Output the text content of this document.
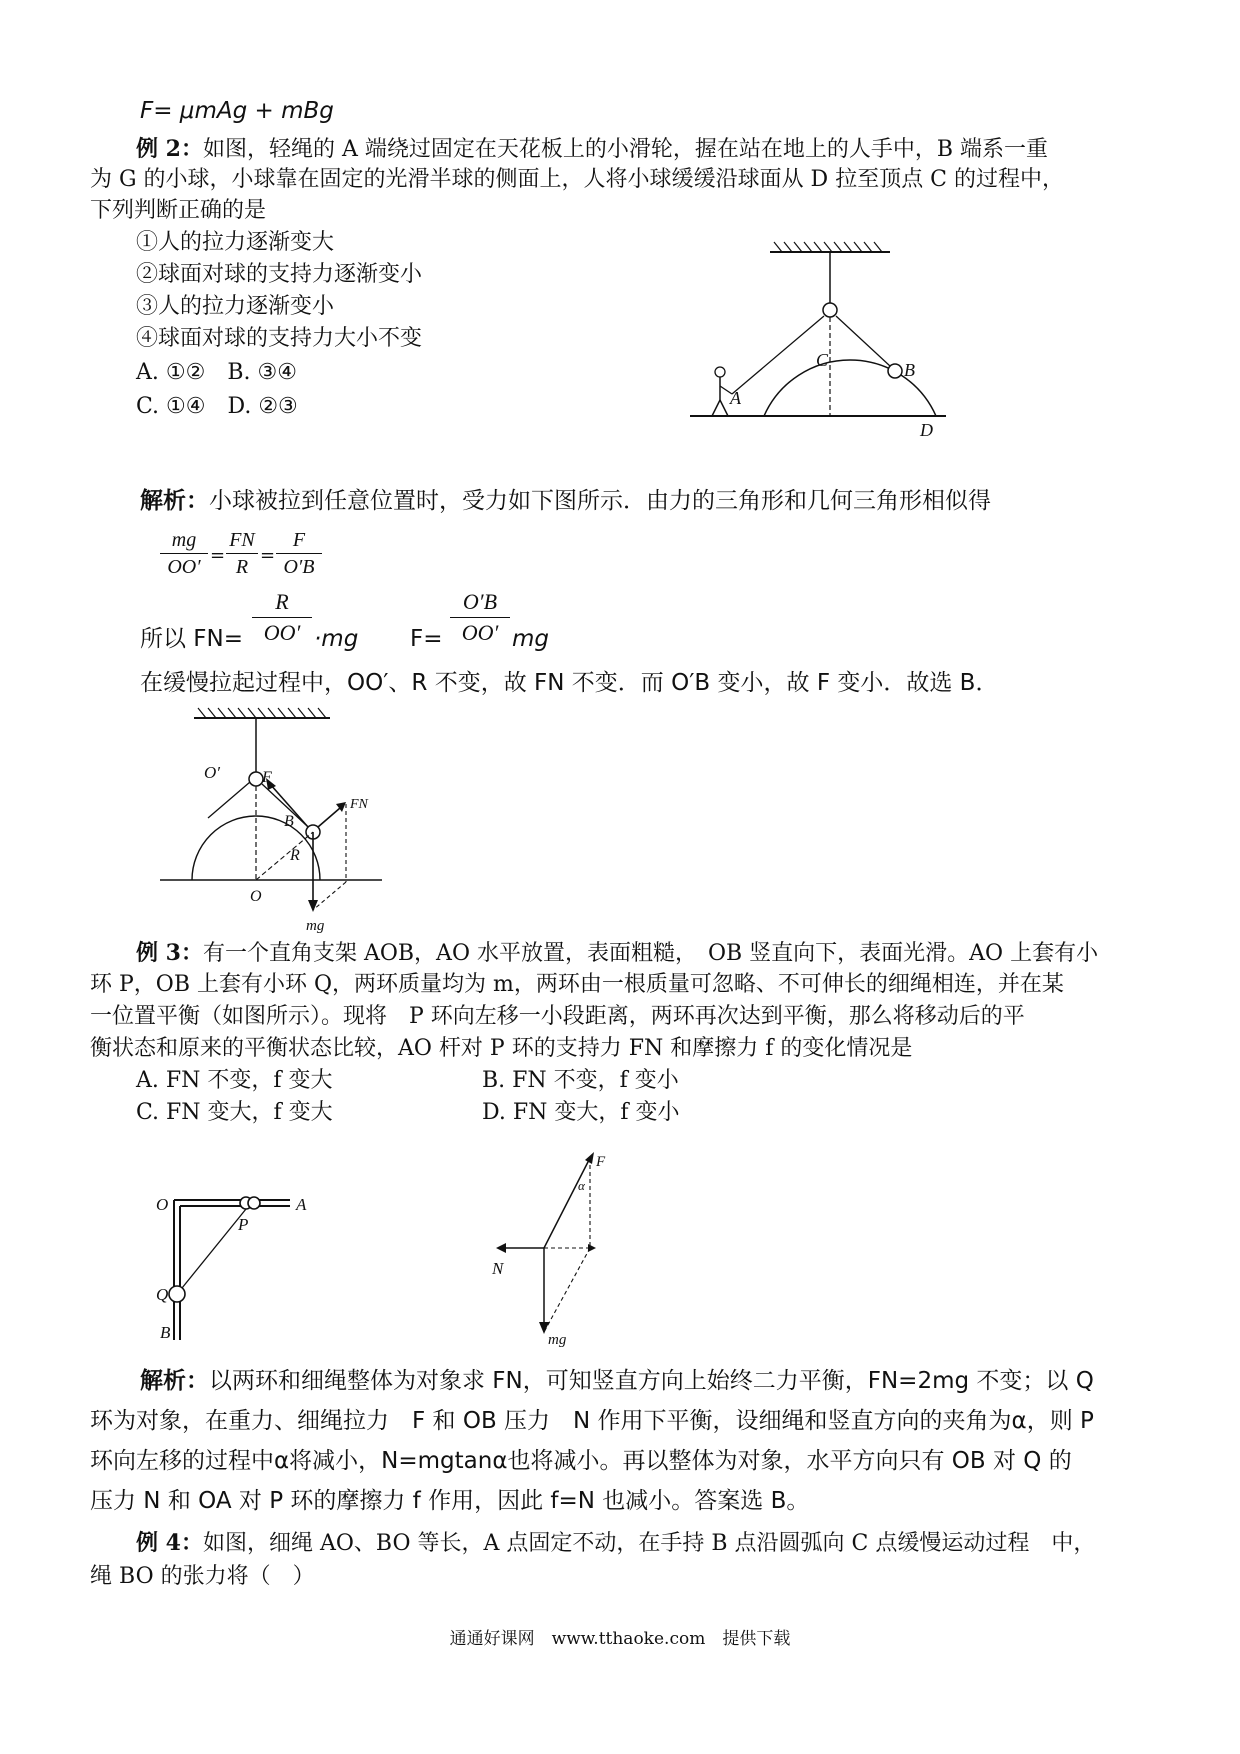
F= μmAg + mBg
例 2：如图，轻绳的 A 端绕过固定在天花板上的小滑轮，握在站在地上的人手中，B 端系一重
为 G 的小球，小球靠在固定的光滑半球的侧面上，人将小球缓缓沿球面从 D 拉至顶点 C 的过程中，
下列判断正确的是
①人的拉力逐渐变大
②球面对球的支持力逐渐变小
③人的拉力逐渐变小
④球面对球的支持力大小不变
A. ①②　B. ③④
C. ①④　D. ②③
C	B
A
D
解析：小球被拉到任意位置时，受力如下图所示．由力的三角形和几何三角形相似得
mg
OO′
=
FN
R
=
F
O′B
所以 FN=
R
OO′ ·mg F=
O′B
OO′ mg
在缓慢拉起过程中，OO′、R 不变，故 FN 不变．而 O′B 变小，故 F 变小．故选 B．
O′	F
B
FN
R
O
mg
例 3：有一个直角支架 AOB，AO 水平放置，表面粗糙，　OB 竖直向下，表面光滑。AO 上套有小
环 P，OB 上套有小环 Q，两环质量均为 m，两环由一根质量可忽略、不可伸长的细绳相连，并在某
一位置平衡（如图所示）。现将　P 环向左移一小段距离，两环再次达到平衡，那么将移动后的平
衡状态和原来的平衡状态比较，AO 杆对 P 环的支持力 FN 和摩擦力 f 的变化情况是
A. FN 不变，f 变大	B. FN 不变，f 变小
C. FN 变大，f 变大	D. FN 变大，f 变小
O	A
P
Q
B
F
α
N
mg
解析：以两环和细绳整体为对象求 FN，可知竖直方向上始终二力平衡，FN=2mg 不变；以 Q
环为对象，在重力、细绳拉力　F 和 OB 压力　N 作用下平衡，设细绳和竖直方向的夹角为α，则 P
环向左移的过程中α将减小，N=mgtanα也将减小。再以整体为对象，水平方向只有 OB 对 Q 的
压力 N 和 OA 对 P 环的摩擦力 f 作用，因此 f=N 也减小。答案选 B。
例 4：如图，细绳 AO、BO 等长，A 点固定不动，在手持 B 点沿圆弧向 C 点缓慢运动过程　中，
绳 BO 的张力将（　）
通通好课网　www.tthaoke.com　提供下载
